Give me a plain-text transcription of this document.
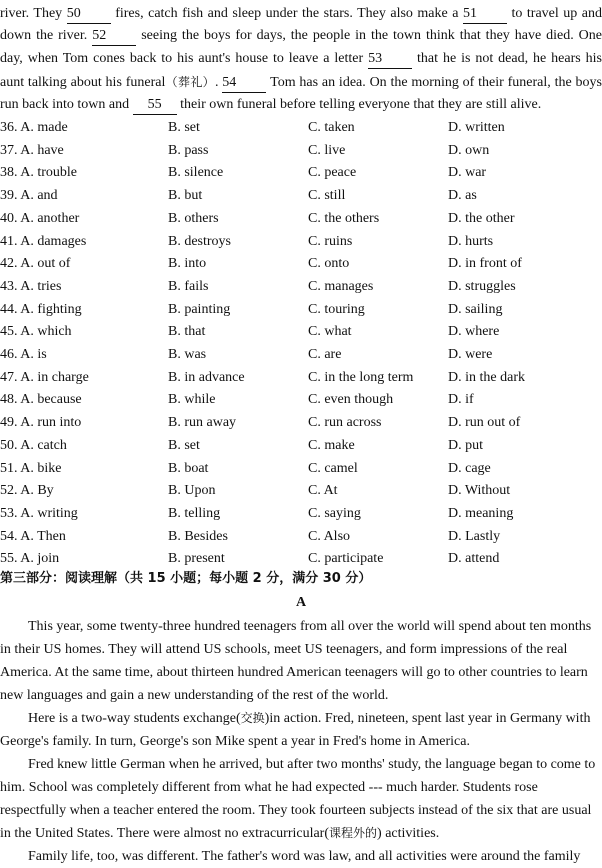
river. They 50 fires, catch fish and sleep under the stars. They also make a 51 to travel up and
down the river. 52 seeing the boys for days, the people in the town think that they have died. One
day, when Tom cones back to his aunt's house to leave a letter 53 that he is not dead, he hears his
aunt talking about his funeral（葬礼）. 54 Tom has an idea. On the morning of their funeral, the boys
run back into town and 55 their own funeral before telling everyone that they are still alive.
36. A. made	B. set	C. taken	D. written
37. A. have	B. pass	C. live	D. own
38. A. trouble	B. silence	C. peace	D. war
39. A. and	B. but	C. still	D. as
40. A. another	B. others	C. the others	D. the other
41. A. damages	B. destroys	C. ruins	D. hurts
42. A. out of	B. into	C. onto	D. in front of
43. A. tries	B. fails	C. manages	D. struggles
44. A. fighting	B. painting	C. touring	D. sailing
45. A. which	B. that	C. what	D. where
46. A. is	B. was	C. are	D. were
47. A. in charge	B. in advance	C. in the long term D. in the dark
48. A. because	B. while	C. even though	D. if
49. A. run into	B. run away	C. run across	D. run out of
50. A. catch	B. set	C. make	D. put
51. A. bike	B. boat	C. camel	D. cage
52. A. By	B. Upon	C. At	D. Without
53. A. writing	B. telling	C. saying	D. meaning
54. A. Then	B. Besides	C. Also	D. Lastly
55. A. join	B. present	C. participate	D. attend
第三部分：阅读理解（共 15 小题；每小题 2 分，满分 30 分）
A
This year, some twenty-three hundred teenagers from all over the world will spend about ten months
in their US homes. They will attend US schools, meet US teenagers, and form impressions of the real
America. At the same time, about thirteen hundred American teenagers will go to other countries to learn
new languages and gain a new understanding of the rest of the world.
Here is a two-way students exchange(交换)in action. Fred, nineteen, spent last year in Germany with
George's family. In turn, George's son Mike spent a year in Fred's home in America.
Fred knew little German when he arrived, but after two months' study, the language began to come to
him. School was completely different from what he had expected --- much harder. Students rose
respectfully when a teacher entered the room. They took fourteen subjects instead of the six that are usual
in the United States. There were almost no extracurricular(课程外的) activities.
Family life, too, was different. The father's word was law, and all activities were around the family
